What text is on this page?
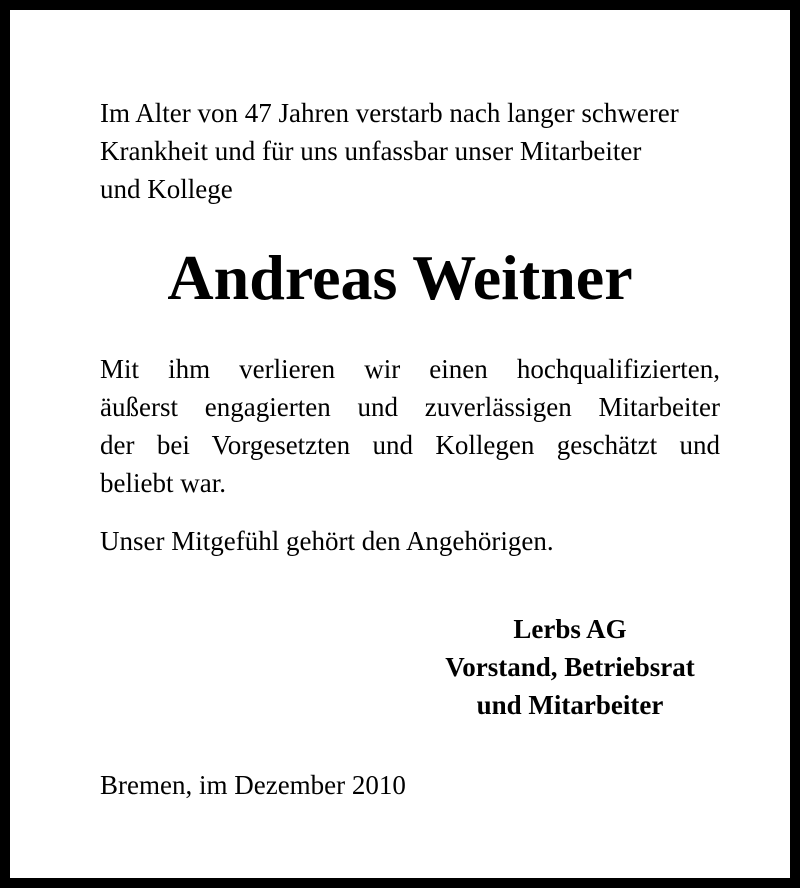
Im Alter von 47 Jahren verstarb nach langer schwerer
Krankheit und für uns unfassbar unser Mitarbeiter
und Kollege
Andreas Weitner
Mit ihm verlieren wir einen hochqualifizierten,
äußerst engagierten und zuverlässigen Mitarbeiter
der bei Vorgesetzten und Kollegen geschätzt und
beliebt war.
Unser Mitgefühl gehört den Angehörigen.
Lerbs AG
Vorstand, Betriebsrat
und Mitarbeiter
Bremen, im Dezember 2010
